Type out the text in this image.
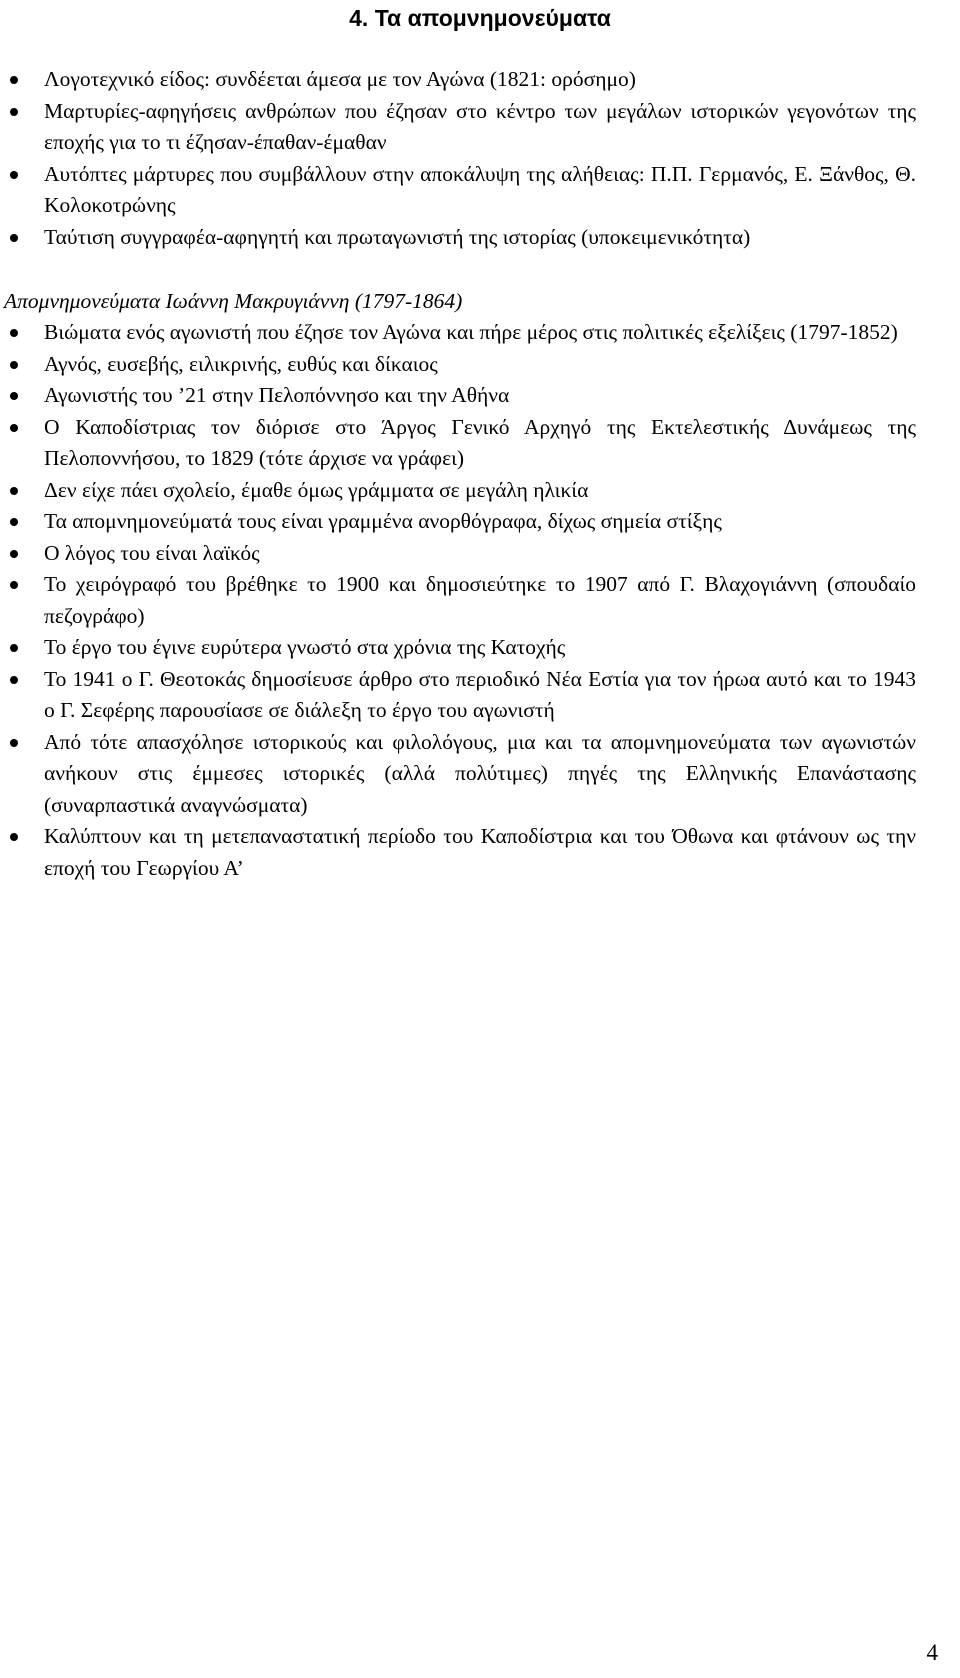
4. Τα απομνημονεύματα
Λογοτεχνικό είδος: συνδέεται άμεσα με τον Αγώνα (1821: ορόσημο)
Μαρτυρίες-αφηγήσεις ανθρώπων που έζησαν στο κέντρο των μεγάλων ιστορικών γεγονότων της εποχής για το τι έζησαν-έπαθαν-έμαθαν
Αυτόπτες μάρτυρες που συμβάλλουν στην αποκάλυψη της αλήθειας: Π.Π. Γερμανός, Ε. Ξάνθος, Θ. Κολοκοτρώνης
Ταύτιση συγγραφέα-αφηγητή και πρωταγωνιστή της ιστορίας (υποκειμενικότητα)

Απομνημονεύματα Ιωάννη Μακρυγιάννη (1797-1864)

Βιώματα ενός αγωνιστή που έζησε τον Αγώνα και πήρε μέρος στις πολιτικές εξελίξεις (1797-1852)
Αγνός, ευσεβής, ειλικρινής, ευθύς και δίκαιος
Αγωνιστής του ’21 στην Πελοπόννησο και την Αθήνα
Ο Καποδίστριας τον διόρισε στο Άργος Γενικό Αρχηγό της Εκτελεστικής Δυνάμεως της Πελοποννήσου, το 1829 (τότε άρχισε να γράφει)
Δεν είχε πάει σχολείο, έμαθε όμως γράμματα σε μεγάλη ηλικία
Τα απομνημονεύματά τους είναι γραμμένα ανορθόγραφα, δίχως σημεία στίξης
Ο λόγος του είναι λαϊκός
Το χειρόγραφό του βρέθηκε το 1900 και δημοσιεύτηκε το 1907 από Γ. Βλαχογιάννη (σπουδαίο πεζογράφο)
Το έργο του έγινε ευρύτερα γνωστό στα χρόνια της Κατοχής
Το 1941 ο Γ. Θεοτοκάς δημοσίευσε άρθρο στο περιοδικό Νέα Εστία για τον ήρωα αυτό και το 1943 ο Γ. Σεφέρης παρουσίασε σε διάλεξη το έργο του αγωνιστή
Από τότε απασχόλησε ιστορικούς και φιλολόγους, μια και τα απομνημονεύματα των αγωνιστών ανήκουν στις έμμεσες ιστορικές (αλλά πολύτιμες) πηγές της Ελληνικής Επανάστασης (συναρπαστικά αναγνώσματα)
Καλύπτουν και τη μετεπαναστατική περίοδο του Καποδίστρια και του Όθωνα και φτάνουν ως την εποχή του Γεωργίου Α’
4
